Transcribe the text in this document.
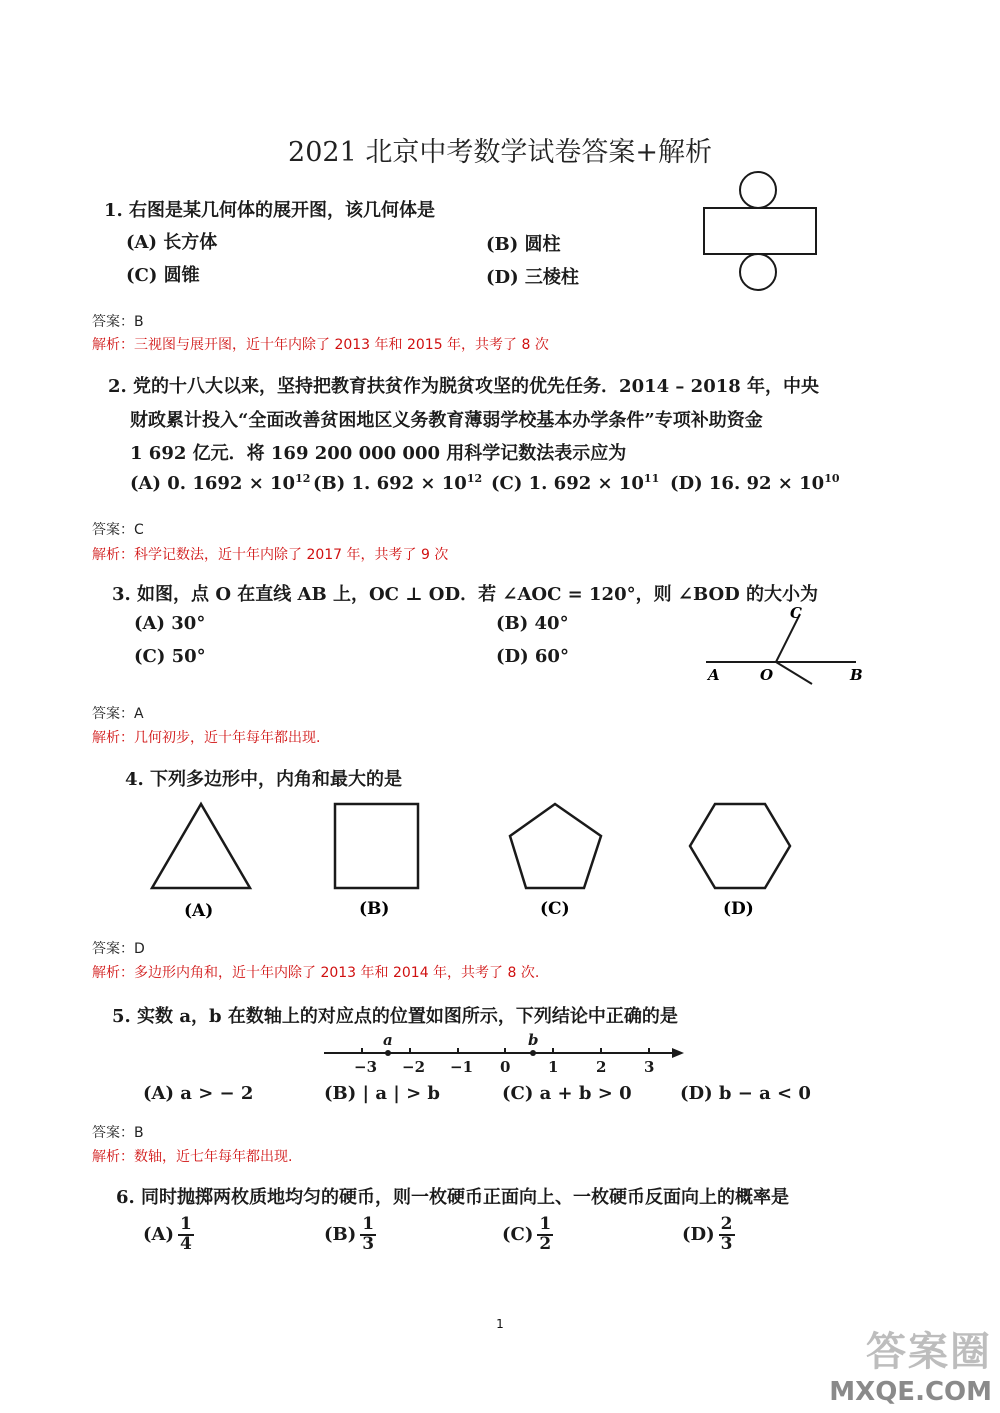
2021 北京中考数学试卷答案+解析
1. 右图是某几何体的展开图，该几何体是
(A) 长方体	(B) 圆柱
(C) 圆锥	(D) 三棱柱
答案：B
解析：三视图与展开图，近十年内除了 2013 年和 2015 年，共考了 8 次
2. 党的十八大以来，坚持把教育扶贫作为脱贫攻坚的优先任务．2014 – 2018 年，中央
财政累计投入“全面改善贫困地区义务教育薄弱学校基本办学条件”专项补助资金
1 692 亿元．将 169 200 000 000 用科学记数法表示应为
(A) 0. $1692 \times 10^{12}$ (B) 1. $692 \times 10^{12}$ (C) 1. $692 \times 10^{11}$ (D) 16. $92 \times 10^{10}$
答案：C
解析：科学记数法，近十年内除了 2017 年，共考了 9 次
3. 如图，点 O 在直线 AB 上，OC ⊥ OD．若 ∠AOC = 120°，则 ∠BOD 的大小为
(A) 30°	(B) 40°
(C) 50°	(D) 60°
C
A	O	B
答案：A
解析：几何初步，近十年每年都出现.
4. 下列多边形中，内角和最大的是
(A)	(B)	(C)	(D)
答案：D
解析：多边形内角和，近十年内除了 2013 年和 2014 年，共考了 8 次.
5. 实数 a，b 在数轴上的对应点的位置如图所示，下列结论中正确的是
−3 −2 −1 0	1	2	3
a	b
(A) a > − 2	(B) | a | > b	(C) a + b > 0	(D) b − a < 0
答案：B
解析：数轴，近七年每年都出现.
6. 同时抛掷两枚质地均匀的硬币，则一枚硬币正面向上、一枚硬币反面向上的概率是
$(A) \frac{1}{4}$	$(B) \frac{1}{3}$	$(C) \frac{1}{2}$	$(D) \frac{2}{3}$
1
答案圈
MXQE.COM
